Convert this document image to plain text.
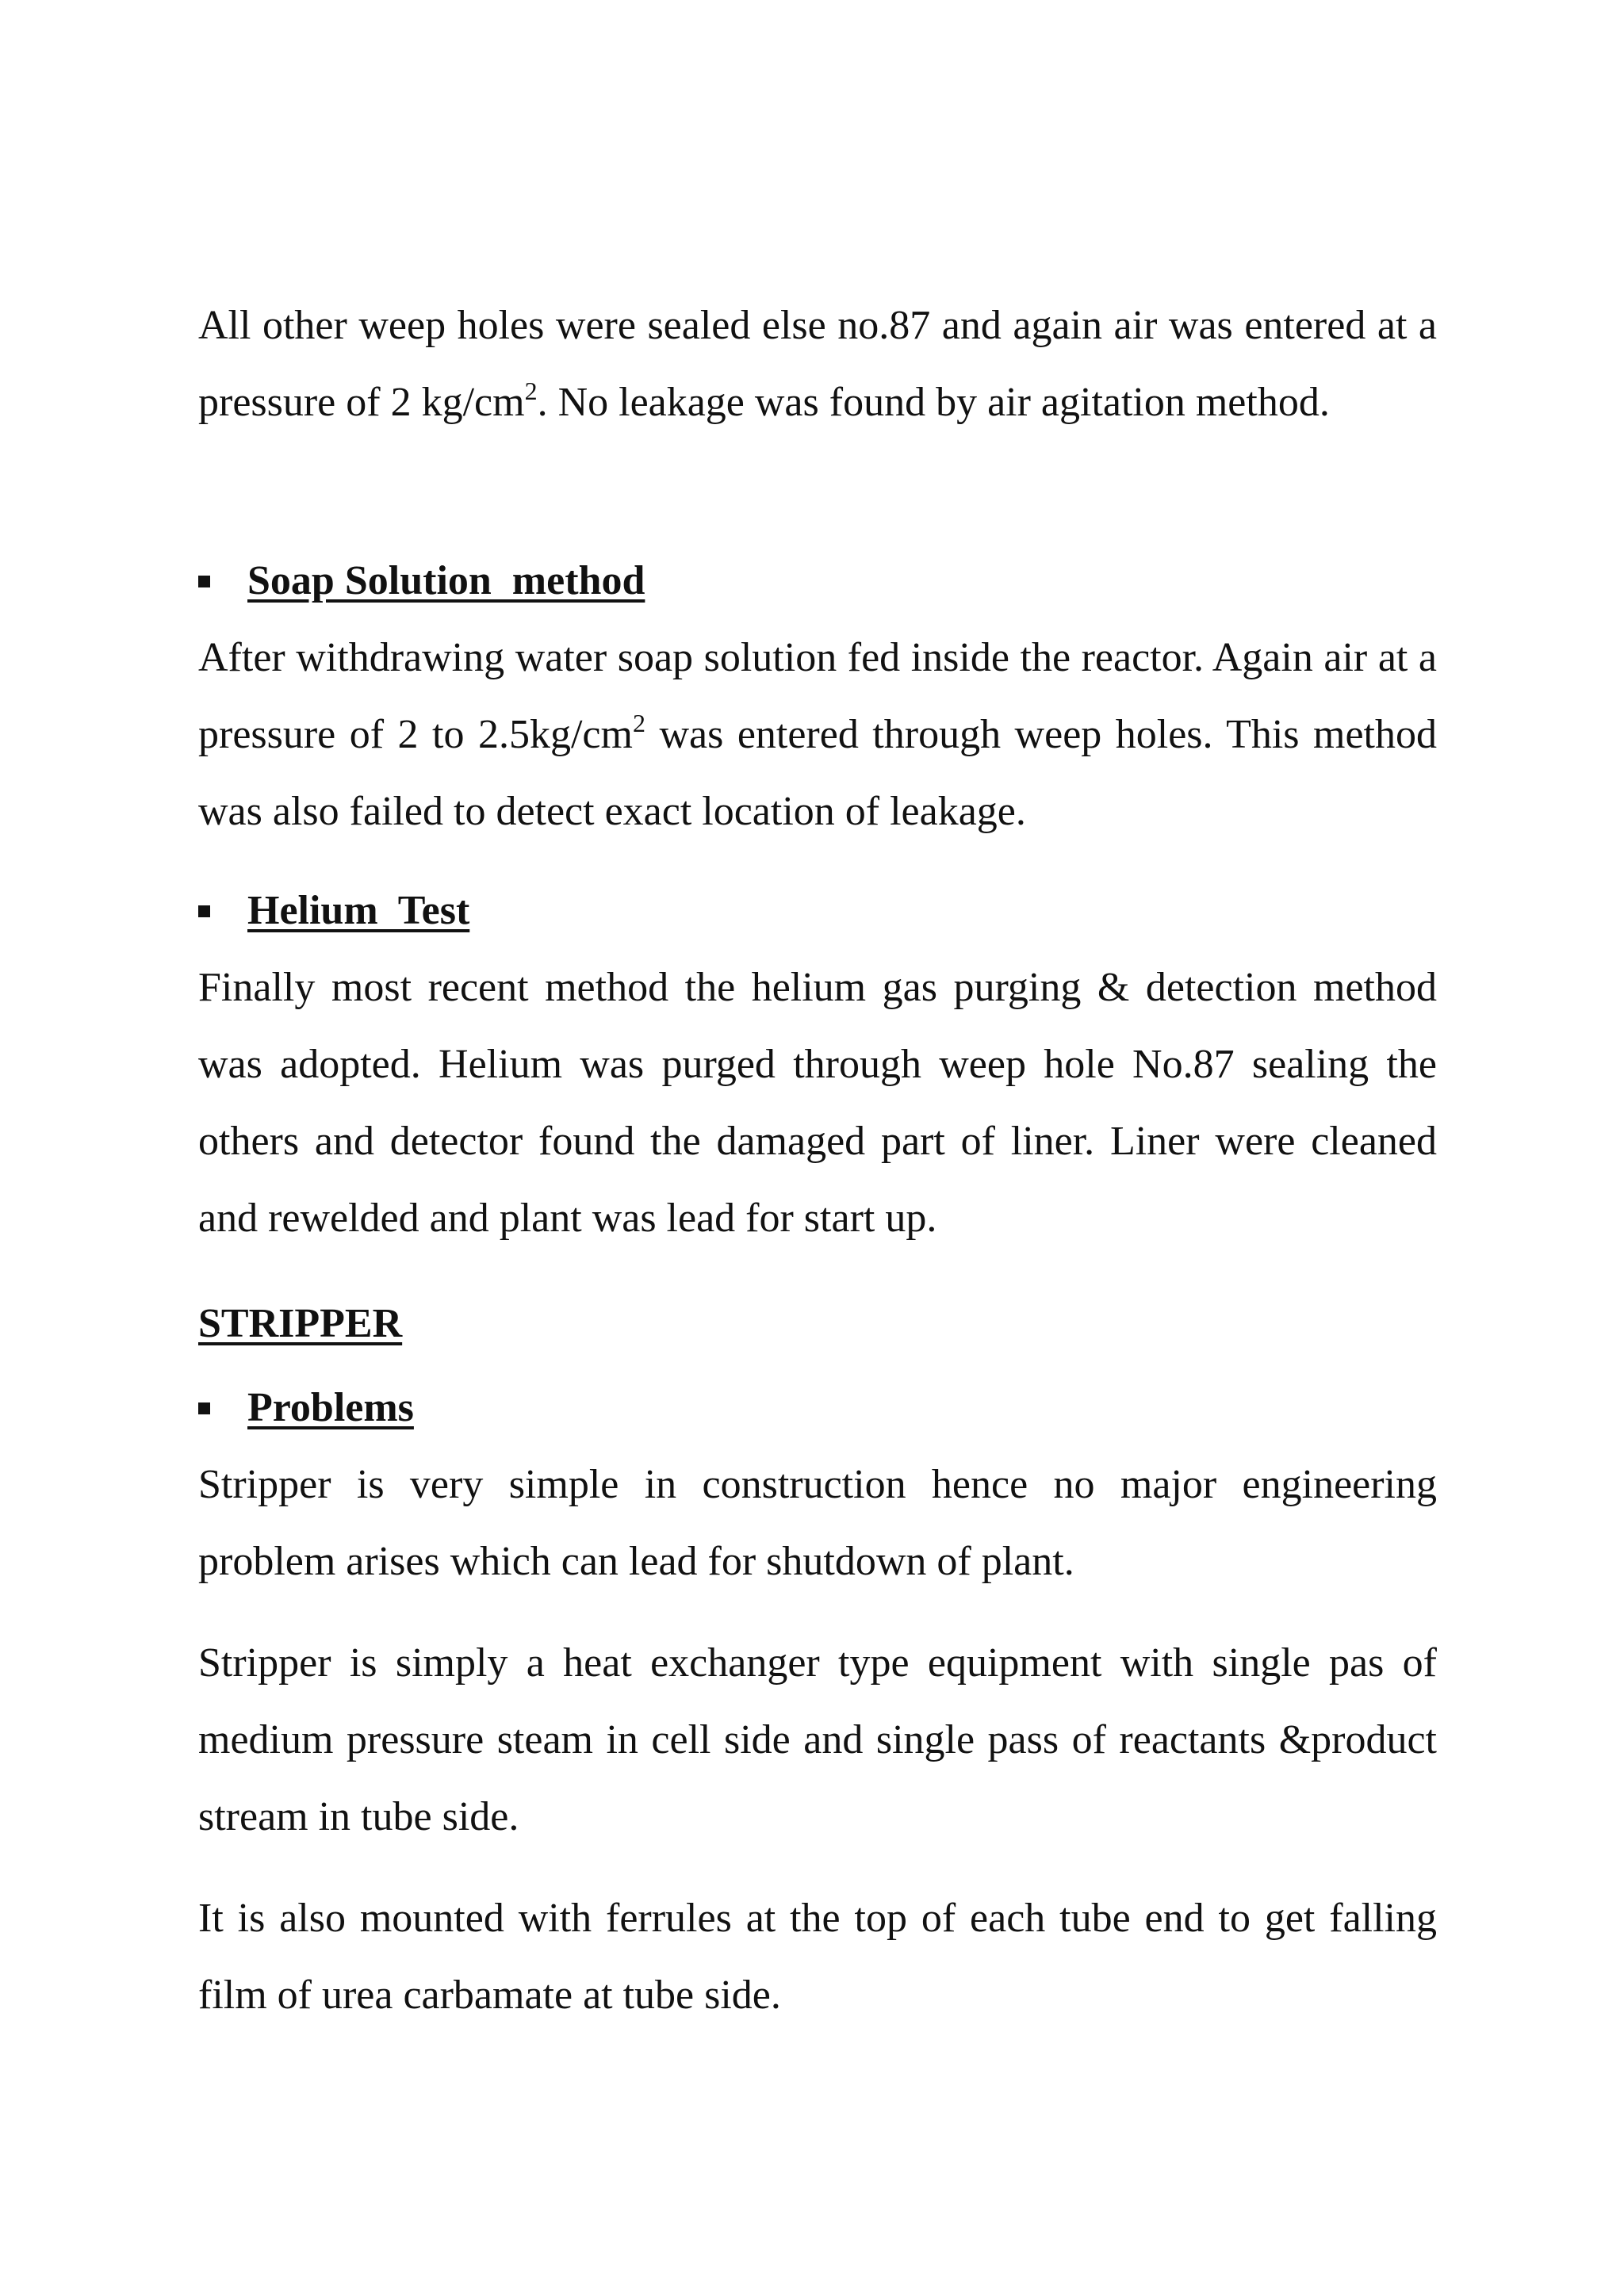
All other weep holes were sealed else no.87 and again air was entered at a pressure of 2 $kg/cm^2$. No leakage was found by air agitation method.

Soap Solution  method

After withdrawing water soap solution fed inside the reactor. Again air at a pressure of 2 to $2.5kg/cm^2$ was entered through weep holes. This method was also failed to detect exact location of leakage.

Helium  Test

Finally most recent method the helium gas purging & detection method was adopted. Helium was purged through weep hole No.87 sealing the others and detector found the damaged part of liner. Liner were cleaned and rewelded and plant was lead for start up.

STRIPPER
Problems

Stripper is very simple in construction hence no major engineering problem arises which can lead for shutdown of plant.

Stripper is simply a heat exchanger type equipment with single pas of medium pressure steam in cell side and single pass of reactants &product stream in tube side.

It is also mounted with ferrules at the top of each tube end to get falling film of urea carbamate at tube side.
